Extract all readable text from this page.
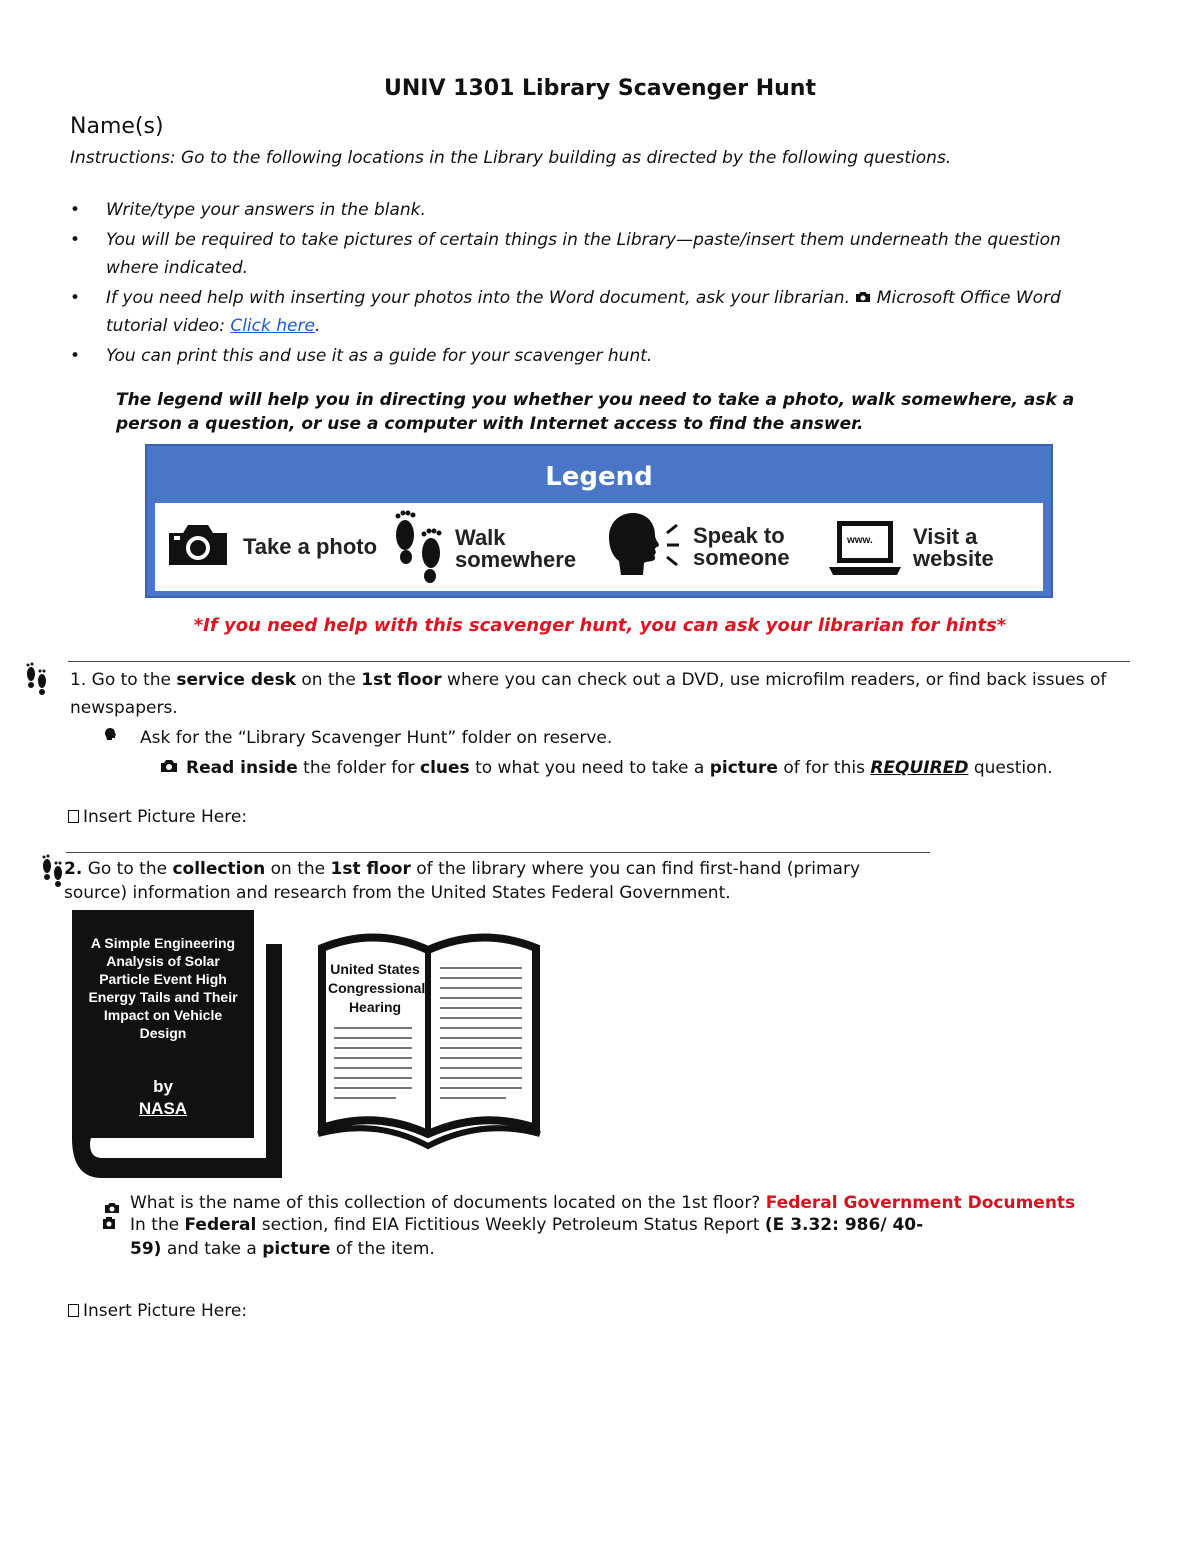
UNIV 1301 Library Scavenger Hunt
Name(s)
Instructions: Go to the following locations in the Library building as directed by the following questions.
• Write/type your answers in the blank.
• You will be required to take pictures of certain things in the Library—paste/insert them underneath the question where indicated.
• If you need help with inserting your photos into the Word document, ask your librarian. Microsoft Office Word tutorial video: Click here.
• You can print this and use it as a guide for your scavenger hunt.
The legend will help you in directing you whether you need to take a photo, walk somewhere, ask a person a question, or use a computer with Internet access to find the answer.
Legend
Take a photo	Walk somewhere
Speak to someone
www. Visit a website
*If you need help with this scavenger hunt, you can ask your librarian for hints*
1. Go to the service desk on the 1st floor where you can check out a DVD, use microfilm readers, or find back issues of newspapers.
Ask for the “Library Scavenger Hunt” folder on reserve.
Read inside the folder for clues to what you need to take a picture of for this REQUIRED question.
Insert Picture Here:
2. Go to the collection on the 1st floor of the library where you can find first-hand (primary source) information and research from the United States Federal Government.
A Simple Engineering Analysis of Solar Particle Event High Energy Tails and Their Impact on Vehicle Design
by
NASA
United States Congressional Hearing
What is the name of this collection of documents located on the 1st floor? Federal Government Documents
In the Federal section, find EIA Fictitious Weekly Petroleum Status Report (E 3.32: 986/ 40-59) and take a picture of the item.
Insert Picture Here:
